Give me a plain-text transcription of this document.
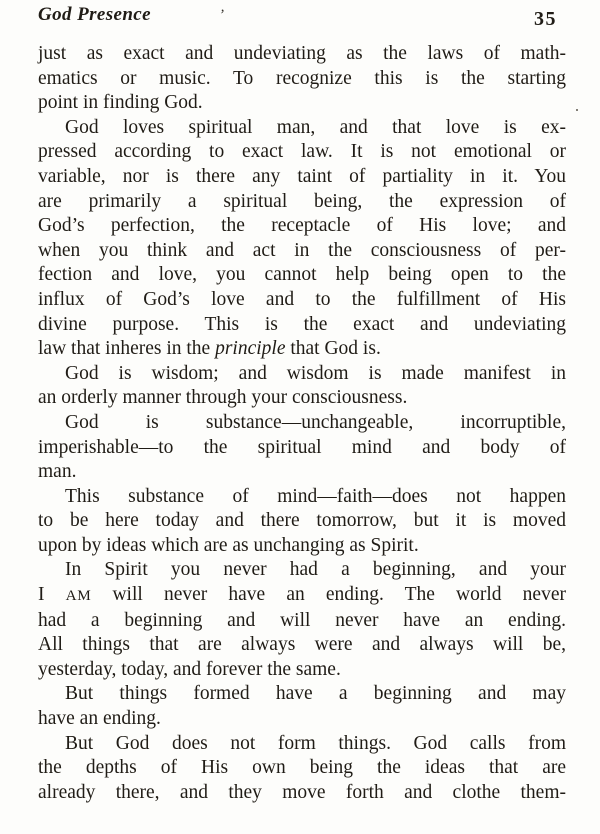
God Presence	’	35
just as exact and undeviating as the laws of math-
ematics or music. To recognize this is the starting
point in finding God.
God loves spiritual man, and that love is ex-
pressed according to exact law. It is not emotional or
variable, nor is there any taint of partiality in it. You
are primarily a spiritual being, the expression of
God’s perfection, the receptacle of His love; and
when you think and act in the consciousness of per-
fection and love, you cannot help being open to the
influx of God’s love and to the fulfillment of His
divine purpose. This is the exact and undeviating
law that inheres in the principle that God is.
God is wisdom; and wisdom is made manifest in
an orderly manner through your consciousness.
God is substance—unchangeable, incorruptible,
imperishable—to the spiritual mind and body of
man.
This substance of mind—faith—does not happen
to be here today and there tomorrow, but it is moved
upon by ideas which are as unchanging as Spirit.
In Spirit you never had a beginning, and your
I AM will never have an ending. The world never
had a beginning and will never have an ending.
All things that are always were and always will be,
yesterday, today, and forever the same.
But things formed have a beginning and may
have an ending.
But God does not form things. God calls from
the depths of His own being the ideas that are
already there, and they move forth and clothe them-
